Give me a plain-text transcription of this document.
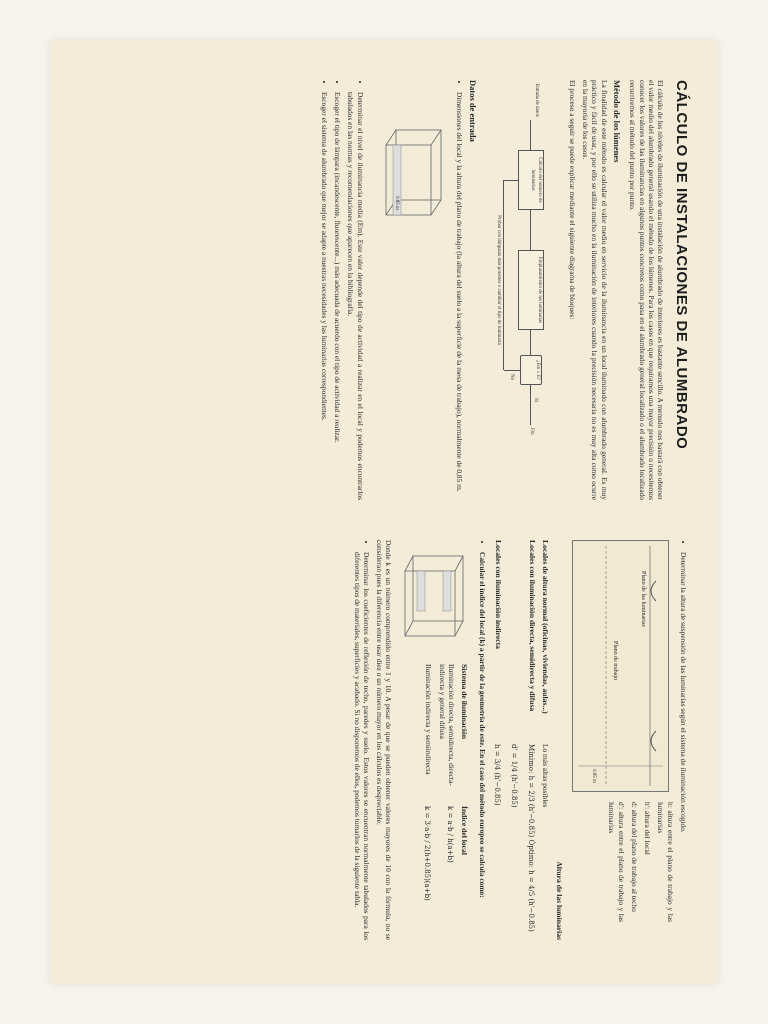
CÁLCULO DE INSTALACIONES DE ALUMBRADO

El cálculo de los niveles de iluminación de una instalación de alumbrado de interiores es bastante sencillo. A menudo nos bastará con obtener el valor medio del alumbrado general usando el método de los lúmenes. Para los casos en que requiramos una mayor precisión o necesitemos conocer los valores de las iluminancias en algunos puntos concretos como pasa en el alumbrado general localizado o el alumbrado localizado recurriremos al método del punto por punto.

Método de los lúmenes

La finalidad de este método es calcular el valor medio en servicio de la iluminancia en un local iluminado con alumbrado general. Es muy práctico y fácil de usar, y por ello se utiliza mucho en la iluminación de interiores cuando la precisión necesaria no es muy alta como ocurre en la mayoría de los casos.

El proceso a seguir se puede explicar mediante el siguiente diagrama de bloques:

Entrada de datos
Cálculo del número de luminarias
Emplazamiento de las luminarias
¿Em ≥ E?
Sí
Fin
No
Probar con lámparas más potentes o cambiar el tipo de luminaria
Datos de entrada
• Dimensiones del local y la altura del plano de trabajo (la altura del suelo a la superficie de la mesa de trabajo), normalmente de 0,85 m.
0.85 m
• Determinar el nivel de iluminancia media (Em). Este valor depende del tipo de actividad a realizar en el local y podemos encontrarlos tabulados en las normas y recomendaciones que aparecen en la bibliografía.
• Escoger el tipo de lámpara (incandescente, fluorescente...) más adecuada de acuerdo con el tipo de actividad a realizar.
• Escoger el sistema de alumbrado que mejor se adapte a nuestras necesidades y las luminarias correspondientes.
• Determinar la altura de suspensión de las luminarias según el sistema de iluminación escogido.
Plano de las luminarias
Plano de trabajo
0.85 m

h: altura entre el plano de trabajo y las luminarias

h': altura del local

d: altura del plano de trabajo al techo

d': altura entre el plano de trabajo y las luminarias

Altura de las luminarias
Locales de altura normal (oficinas, viviendas, aulas...)
Lo más altas posibles
Locales con iluminación directa, semidirecta y difusa
Mínimo: h = 2/3 (h'−0.85) Óptimo: h = 4/5 (h'−0.85)
d' = 1/4 (h'−0.85)
Locales con iluminación indirecta
h = 3/4 (h'−0.85)
• Calcular el índice del local (k) a partir de la geometría de este. En el caso del método europeo se calcula como:
Sistema de iluminación
Índice del local
Iluminación directa, semidirecta, directa-indirecta y general difusa
k = a·b / h(a+b)
Iluminación indirecta y semiindirecta
k = 3·a·b / 2(h+0.85)(a+b)

Donde k es un número comprendido entre 1 y 10. A pesar de que se pueden obtener valores mayores de 10 con la fórmula, no se consideran pues la diferencia entre usar diez o un número mayor en los cálculos es despreciable.

• Determinar los coeficientes de reflexión de techo, paredes y suelo. Estos valores se encuentran normalmente tabulados para los diferentes tipos de materiales, superficies y acabado. Si no disponemos de ellos, podemos tomarlos de la siguiente tabla.
